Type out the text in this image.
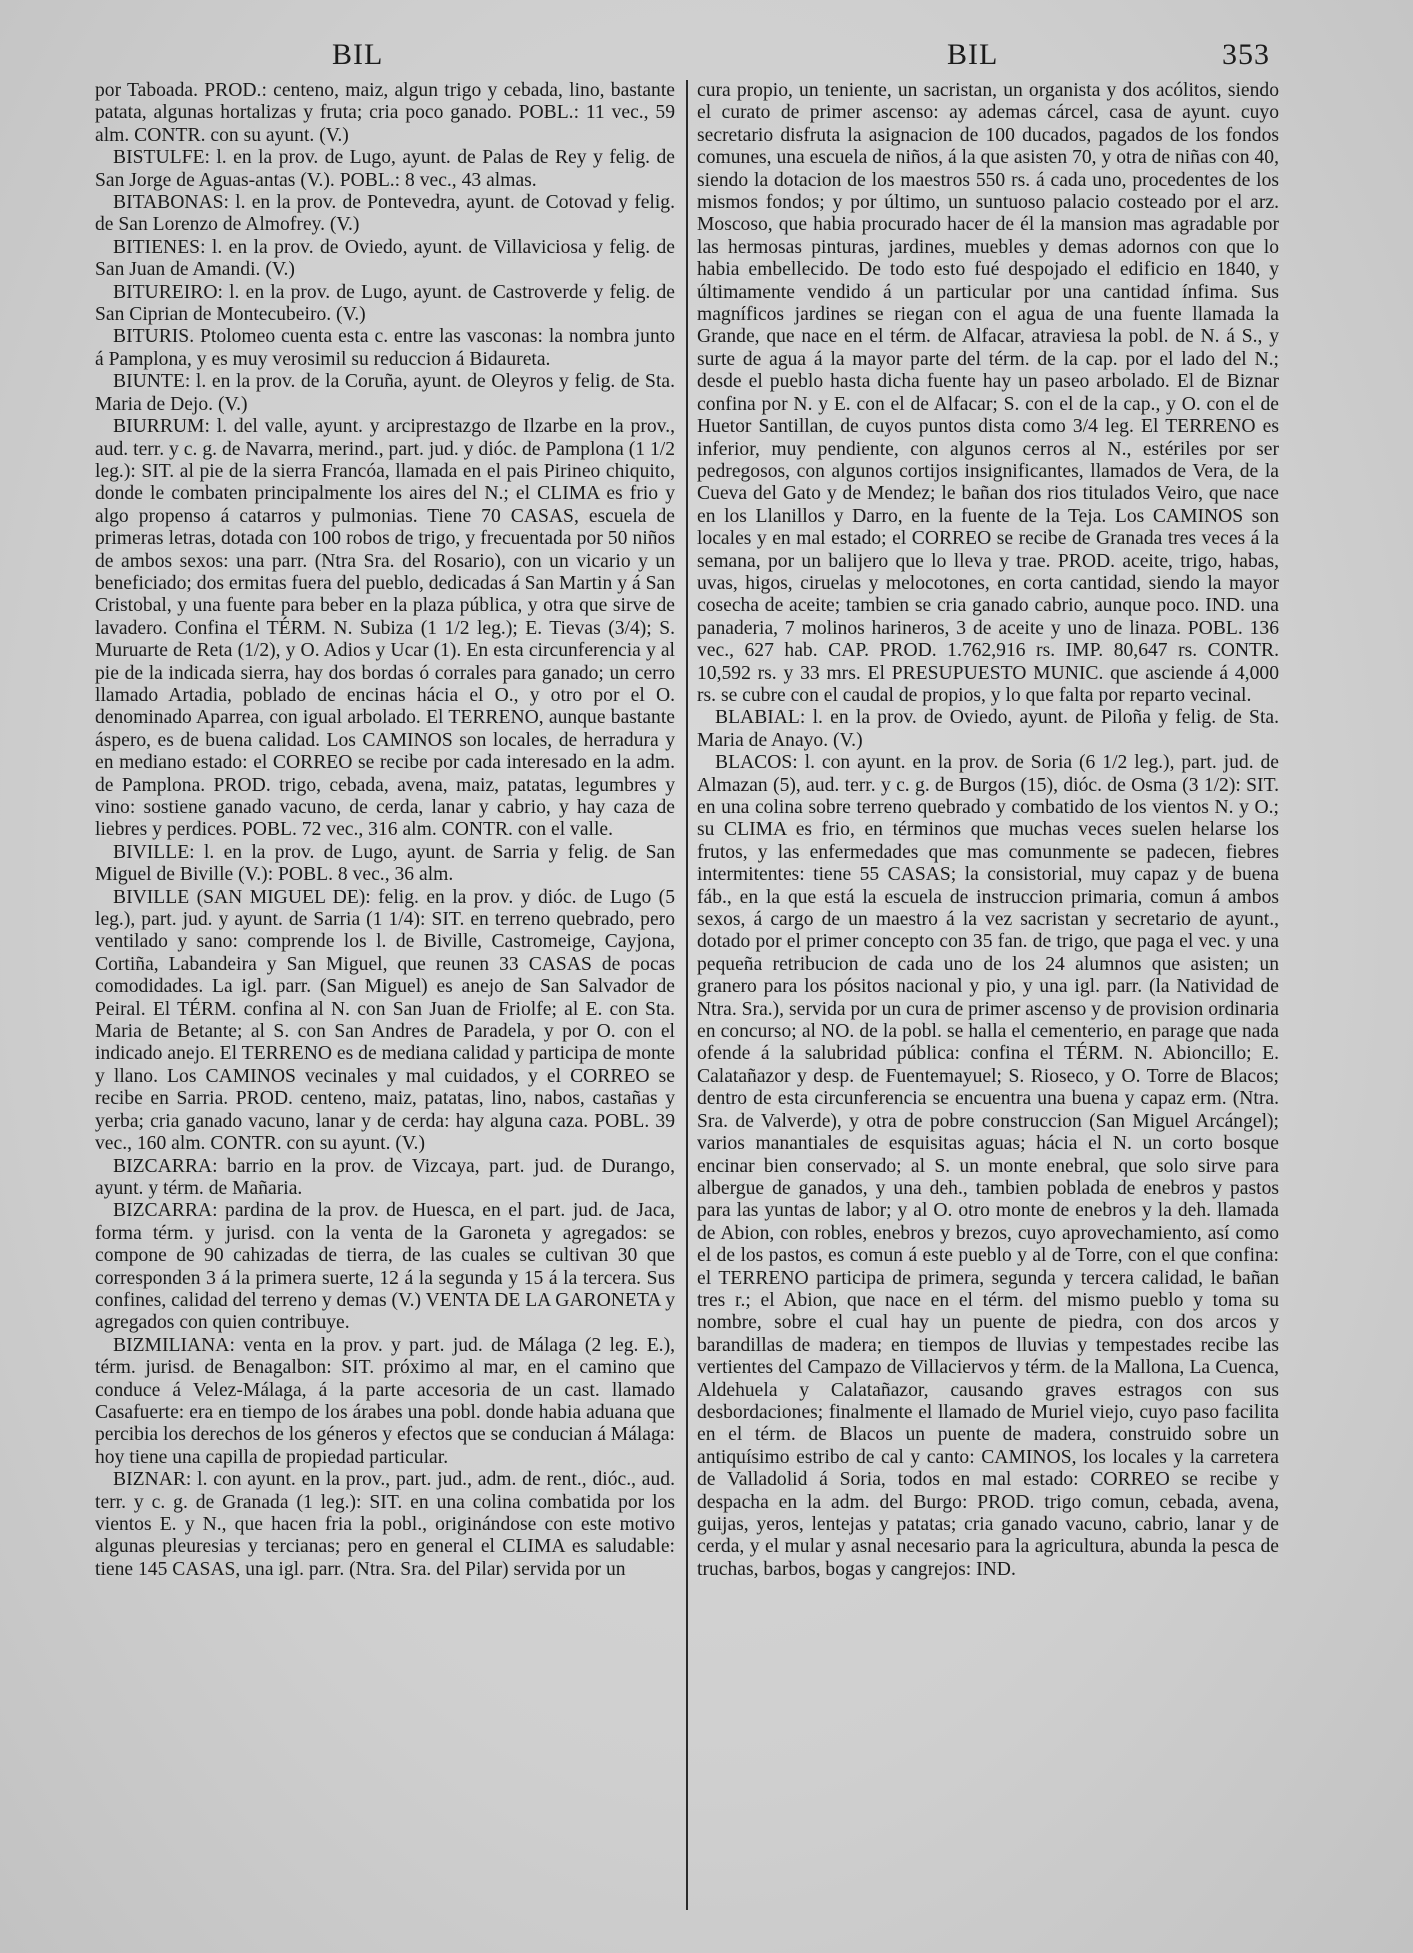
BIL	BIL	353

por Taboada. PROD.: centeno, maiz, algun trigo y cebada, lino, bastante patata, algunas hortalizas y fruta; cria poco ganado. POBL.: 11 vec., 59 alm. CONTR. con su ayunt. (V.)

BISTULFE: l. en la prov. de Lugo, ayunt. de Palas de Rey y felig. de San Jorge de Aguas-antas (V.). POBL.: 8 vec., 43 almas.

BITABONAS: l. en la prov. de Pontevedra, ayunt. de Cotovad y felig. de San Lorenzo de Almofrey. (V.)

BITIENES: l. en la prov. de Oviedo, ayunt. de Villaviciosa y felig. de San Juan de Amandi. (V.)

BITUREIRO: l. en la prov. de Lugo, ayunt. de Castroverde y felig. de San Ciprian de Montecubeiro. (V.)

BITURIS. Ptolomeo cuenta esta c. entre las vasconas: la nombra junto á Pamplona, y es muy verosimil su reduccion á Bidaureta.

BIUNTE: l. en la prov. de la Coruña, ayunt. de Oleyros y felig. de Sta. Maria de Dejo. (V.)

BIURRUM: l. del valle, ayunt. y arciprestazgo de Ilzarbe en la prov., aud. terr. y c. g. de Navarra, merind., part. jud. y dióc. de Pamplona (1 1/2 leg.): SIT. al pie de la sierra Francóa, llamada en el pais Pirineo chiquito, donde le combaten principalmente los aires del N.; el CLIMA es frio y algo propenso á catarros y pulmonias. Tiene 70 CASAS, escuela de primeras letras, dotada con 100 robos de trigo, y frecuentada por 50 niños de ambos sexos: una parr. (Ntra Sra. del Rosario), con un vicario y un beneficiado; dos ermitas fuera del pueblo, dedicadas á San Martin y á San Cristobal, y una fuente para beber en la plaza pública, y otra que sirve de lavadero. Confina el TÉRM. N. Subiza (1 1/2 leg.); E. Tievas (3/4); S. Muruarte de Reta (1/2), y O. Adios y Ucar (1). En esta circunferencia y al pie de la indicada sierra, hay dos bordas ó corrales para ganado; un cerro llamado Artadia, poblado de encinas hácia el O., y otro por el O. denominado Aparrea, con igual arbolado. El TERRENO, aunque bastante áspero, es de buena calidad. Los CAMINOS son locales, de herradura y en mediano estado: el CORREO se recibe por cada interesado en la adm. de Pamplona. PROD. trigo, cebada, avena, maiz, patatas, legumbres y vino: sostiene ganado vacuno, de cerda, lanar y cabrio, y hay caza de liebres y perdices. POBL. 72 vec., 316 alm. CONTR. con el valle.

BIVILLE: l. en la prov. de Lugo, ayunt. de Sarria y felig. de San Miguel de Biville (V.): POBL. 8 vec., 36 alm.

BIVILLE (SAN MIGUEL DE): felig. en la prov. y dióc. de Lugo (5 leg.), part. jud. y ayunt. de Sarria (1 1/4): SIT. en terreno quebrado, pero ventilado y sano: comprende los l. de Biville, Castromeige, Cayjona, Cortiña, Labandeira y San Miguel, que reunen 33 CASAS de pocas comodidades. La igl. parr. (San Miguel) es anejo de San Salvador de Peiral. El TÉRM. confina al N. con San Juan de Friolfe; al E. con Sta. Maria de Betante; al S. con San Andres de Paradela, y por O. con el indicado anejo. El TERRENO es de mediana calidad y participa de monte y llano. Los CAMINOS vecinales y mal cuidados, y el CORREO se recibe en Sarria. PROD. centeno, maiz, patatas, lino, nabos, castañas y yerba; cria ganado vacuno, lanar y de cerda: hay alguna caza. POBL. 39 vec., 160 alm. CONTR. con su ayunt. (V.)

BIZCARRA: barrio en la prov. de Vizcaya, part. jud. de Durango, ayunt. y térm. de Mañaria.

BIZCARRA: pardina de la prov. de Huesca, en el part. jud. de Jaca, forma térm. y jurisd. con la venta de la Garoneta y agregados: se compone de 90 cahizadas de tierra, de las cuales se cultivan 30 que corresponden 3 á la primera suerte, 12 á la segunda y 15 á la tercera. Sus confines, calidad del terreno y demas (V.) VENTA DE LA GARONETA y agregados con quien contribuye.

BIZMILIANA: venta en la prov. y part. jud. de Málaga (2 leg. E.), térm. jurisd. de Benagalbon: SIT. próximo al mar, en el camino que conduce á Velez-Málaga, á la parte accesoria de un cast. llamado Casafuerte: era en tiempo de los árabes una pobl. donde habia aduana que percibia los derechos de los géneros y efectos que se conducian á Málaga: hoy tiene una capilla de propiedad particular.

BIZNAR: l. con ayunt. en la prov., part. jud., adm. de rent., dióc., aud. terr. y c. g. de Granada (1 leg.): SIT. en una colina combatida por los vientos E. y N., que hacen fria la pobl., originándose con este motivo algunas pleuresias y tercianas; pero en general el CLIMA es saludable: tiene 145 CASAS, una igl. parr. (Ntra. Sra. del Pilar) servida por un

cura propio, un teniente, un sacristan, un organista y dos acólitos, siendo el curato de primer ascenso: ay ademas cárcel, casa de ayunt. cuyo secretario disfruta la asignacion de 100 ducados, pagados de los fondos comunes, una escuela de niños, á la que asisten 70, y otra de niñas con 40, siendo la dotacion de los maestros 550 rs. á cada uno, procedentes de los mismos fondos; y por último, un suntuoso palacio costeado por el arz. Moscoso, que habia procurado hacer de él la mansion mas agradable por las hermosas pinturas, jardines, muebles y demas adornos con que lo habia embellecido. De todo esto fué despojado el edificio en 1840, y últimamente vendido á un particular por una cantidad ínfima. Sus magníficos jardines se riegan con el agua de una fuente llamada la Grande, que nace en el térm. de Alfacar, atraviesa la pobl. de N. á S., y surte de agua á la mayor parte del térm. de la cap. por el lado del N.; desde el pueblo hasta dicha fuente hay un paseo arbolado. El de Biznar confina por N. y E. con el de Alfacar; S. con el de la cap., y O. con el de Huetor Santillan, de cuyos puntos dista como 3/4 leg. El TERRENO es inferior, muy pendiente, con algunos cerros al N., estériles por ser pedregosos, con algunos cortijos insignificantes, llamados de Vera, de la Cueva del Gato y de Mendez; le bañan dos rios titulados Veiro, que nace en los Llanillos y Darro, en la fuente de la Teja. Los CAMINOS son locales y en mal estado; el CORREO se recibe de Granada tres veces á la semana, por un balijero que lo lleva y trae. PROD. aceite, trigo, habas, uvas, higos, ciruelas y melocotones, en corta cantidad, siendo la mayor cosecha de aceite; tambien se cria ganado cabrio, aunque poco. IND. una panaderia, 7 molinos harineros, 3 de aceite y uno de linaza. POBL. 136 vec., 627 hab. CAP. PROD. 1.762,916 rs. IMP. 80,647 rs. CONTR. 10,592 rs. y 33 mrs. El PRESUPUESTO MUNIC. que asciende á 4,000 rs. se cubre con el caudal de propios, y lo que falta por reparto vecinal.

BLABIAL: l. en la prov. de Oviedo, ayunt. de Piloña y felig. de Sta. Maria de Anayo. (V.)

BLACOS: l. con ayunt. en la prov. de Soria (6 1/2 leg.), part. jud. de Almazan (5), aud. terr. y c. g. de Burgos (15), dióc. de Osma (3 1/2): SIT. en una colina sobre terreno quebrado y combatido de los vientos N. y O.; su CLIMA es frio, en términos que muchas veces suelen helarse los frutos, y las enfermedades que mas comunmente se padecen, fiebres intermitentes: tiene 55 CASAS; la consistorial, muy capaz y de buena fáb., en la que está la escuela de instruccion primaria, comun á ambos sexos, á cargo de un maestro á la vez sacristan y secretario de ayunt., dotado por el primer concepto con 35 fan. de trigo, que paga el vec. y una pequeña retribucion de cada uno de los 24 alumnos que asisten; un granero para los pósitos nacional y pio, y una igl. parr. (la Natividad de Ntra. Sra.), servida por un cura de primer ascenso y de provision ordinaria en concurso; al NO. de la pobl. se halla el cementerio, en parage que nada ofende á la salubridad pública: confina el TÉRM. N. Abioncillo; E. Calatañazor y desp. de Fuentemayuel; S. Rioseco, y O. Torre de Blacos; dentro de esta circunferencia se encuentra una buena y capaz erm. (Ntra. Sra. de Valverde), y otra de pobre construccion (San Miguel Arcángel); varios manantiales de esquisitas aguas; hácia el N. un corto bosque encinar bien conservado; al S. un monte enebral, que solo sirve para albergue de ganados, y una deh., tambien poblada de enebros y pastos para las yuntas de labor; y al O. otro monte de enebros y la deh. llamada de Abion, con robles, enebros y brezos, cuyo aprovechamiento, así como el de los pastos, es comun á este pueblo y al de Torre, con el que confina: el TERRENO participa de primera, segunda y tercera calidad, le bañan tres r.; el Abion, que nace en el térm. del mismo pueblo y toma su nombre, sobre el cual hay un puente de piedra, con dos arcos y barandillas de madera; en tiempos de lluvias y tempestades recibe las vertientes del Campazo de Villaciervos y térm. de la Mallona, La Cuenca, Aldehuela y Calatañazor, causando graves estragos con sus desbordaciones; finalmente el llamado de Muriel viejo, cuyo paso facilita en el térm. de Blacos un puente de madera, construido sobre un antiquísimo estribo de cal y canto: CAMINOS, los locales y la carretera de Valladolid á Soria, todos en mal estado: CORREO se recibe y despacha en la adm. del Burgo: PROD. trigo comun, cebada, avena, guijas, yeros, lentejas y patatas; cria ganado vacuno, cabrio, lanar y de cerda, y el mular y asnal necesario para la agricultura, abunda la pesca de truchas, barbos, bogas y cangrejos: IND.
